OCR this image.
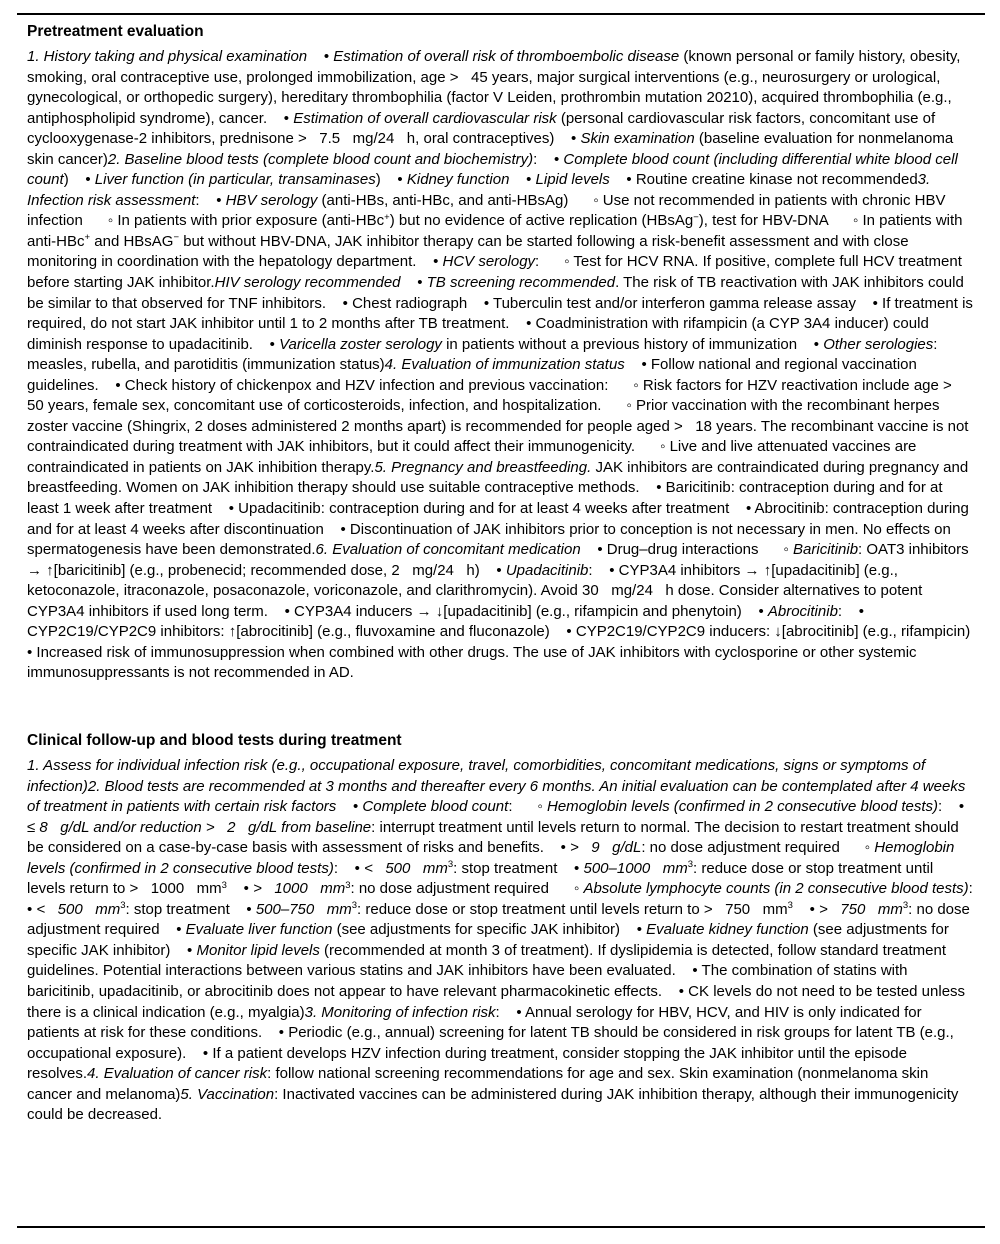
Pretreatment evaluation
1. History taking and physical examination    • Estimation of overall risk of thromboembolic disease (known personal or family history, obesity, smoking, oral contraceptive use, prolonged immobilization, age >   45 years, major surgical interventions (e.g., neurosurgery or urological, gynecological, or orthopedic surgery), hereditary thrombophilia (factor V Leiden, prothrombin mutation 20210), acquired thrombophilia (e.g., antiphospholipid syndrome), cancer.    • Estimation of overall cardiovascular risk (personal cardiovascular risk factors, concomitant use of cyclooxygenase-2 inhibitors, prednisone >   7.5   mg/24   h, oral contraceptives)    • Skin examination (baseline evaluation for nonmelanoma skin cancer)2. Baseline blood tests (complete blood count and biochemistry):    • Complete blood count (including differential white blood cell count)    • Liver function (in particular, transaminases)    • Kidney function    • Lipid levels    • Routine creatine kinase not recommended3. Infection risk assessment:    • HBV serology (anti-HBs, anti-HBc, and anti-HBsAg)      ◦ Use not recommended in patients with chronic HBV infection      ◦ In patients with prior exposure (anti-HBc+) but no evidence of active replication (HBsAg−), test for HBV-DNA      ◦ In patients with anti-HBc+ and HBsAG− but without HBV-DNA, JAK inhibitor therapy can be started following a risk-benefit assessment and with close monitoring in coordination with the hepatology department.    • HCV serology:      ◦ Test for HCV RNA. If positive, complete full HCV treatment before starting JAK inhibitor.HIV serology recommended    • TB screening recommended. The risk of TB reactivation with JAK inhibitors could be similar to that observed for TNF inhibitors.    • Chest radiograph    • Tuberculin test and/or interferon gamma release assay    • If treatment is required, do not start JAK inhibitor until 1 to 2 months after TB treatment.    • Coadministration with rifampicin (a CYP 3A4 inducer) could diminish response to upadacitinib.    • Varicella zoster serology in patients without a previous history of immunization    • Other serologies: measles, rubella, and parotiditis (immunization status)4. Evaluation of immunization status    • Follow national and regional vaccination guidelines.    • Check history of chickenpox and HZV infection and previous vaccination:      ◦ Risk factors for HZV reactivation include age >   50 years, female sex, concomitant use of corticosteroids, infection, and hospitalization.      ◦ Prior vaccination with the recombinant herpes zoster vaccine (Shingrix, 2 doses administered 2 months apart) is recommended for people aged >   18 years. The recombinant vaccine is not contraindicated during treatment with JAK inhibitors, but it could affect their immunogenicity.      ◦ Live and live attenuated vaccines are contraindicated in patients on JAK inhibition therapy.5. Pregnancy and breastfeeding. JAK inhibitors are contraindicated during pregnancy and breastfeeding. Women on JAK inhibition therapy should use suitable contraceptive methods.    • Baricitinib: contraception during and for at least 1 week after treatment    • Upadacitinib: contraception during and for at least 4 weeks after treatment    • Abrocitinib: contraception during and for at least 4 weeks after discontinuation    • Discontinuation of JAK inhibitors prior to conception is not necessary in men. No effects on spermatogenesis have been demonstrated.6. Evaluation of concomitant medication    • Drug–drug interactions      ◦ Baricitinib: OAT3 inhibitors → ↑[baricitinib] (e.g., probenecid; recommended dose, 2   mg/24   h)    • Upadacitinib:    • CYP3A4 inhibitors → ↑[upadacitinib] (e.g., ketoconazole, itraconazole, posaconazole, voriconazole, and clarithromycin). Avoid 30   mg/24   h dose. Consider alternatives to potent CYP3A4 inhibitors if used long term.    • CYP3A4 inducers → ↓[upadacitinib] (e.g., rifampicin and phenytoin)    • Abrocitinib:    • CYP2C19/CYP2C9 inhibitors: ↑[abrocitinib] (e.g., fluvoxamine and fluconazole)    • CYP2C19/CYP2C9 inducers: ↓[abrocitinib] (e.g., rifampicin)    • Increased risk of immunosuppression when combined with other drugs. The use of JAK inhibitors with cyclosporine or other systemic immunosuppressants is not recommended in AD.
Clinical follow-up and blood tests during treatment
1. Assess for individual infection risk (e.g., occupational exposure, travel, comorbidities, concomitant medications, signs or symptoms of infection)2. Blood tests are recommended at 3 months and thereafter every 6 months. An initial evaluation can be contemplated after 4 weeks of treatment in patients with certain risk factors    • Complete blood count:      ◦ Hemoglobin levels (confirmed in 2 consecutive blood tests):    • ≤ 8   g/dL and/or reduction >   2   g/dL from baseline: interrupt treatment until levels return to normal. The decision to restart treatment should be considered on a case-by-case basis with assessment of risks and benefits.    • >   9   g/dL: no dose adjustment required      ◦ Hemoglobin levels (confirmed in 2 consecutive blood tests):    • <   500   $mm^3$: stop treatment    • 500–1000   $mm^3$: reduce dose or stop treatment until levels return to >   1000   $mm^3$    • >   1000   $mm^3$: no dose adjustment required      ◦ Absolute lymphocyte counts (in 2 consecutive blood tests):    • <   500   $mm^3$: stop treatment    • 500–750   $mm^3$: reduce dose or stop treatment until levels return to >   750   $mm^3$    • >   750   $mm^3$: no dose adjustment required    • Evaluate liver function (see adjustments for specific JAK inhibitor)    • Evaluate kidney function (see adjustments for specific JAK inhibitor)    • Monitor lipid levels (recommended at month 3 of treatment). If dyslipidemia is detected, follow standard treatment guidelines. Potential interactions between various statins and JAK inhibitors have been evaluated.    • The combination of statins with baricitinib, upadacitinib, or abrocitinib does not appear to have relevant pharmacokinetic effects.    • CK levels do not need to be tested unless there is a clinical indication (e.g., myalgia)3. Monitoring of infection risk:    • Annual serology for HBV, HCV, and HIV is only indicated for patients at risk for these conditions.    • Periodic (e.g., annual) screening for latent TB should be considered in risk groups for latent TB (e.g., occupational exposure).    • If a patient develops HZV infection during treatment, consider stopping the JAK inhibitor until the episode resolves.4. Evaluation of cancer risk: follow national screening recommendations for age and sex. Skin examination (nonmelanoma skin cancer and melanoma)5. Vaccination: Inactivated vaccines can be administered during JAK inhibition therapy, although their immunogenicity could be decreased.
